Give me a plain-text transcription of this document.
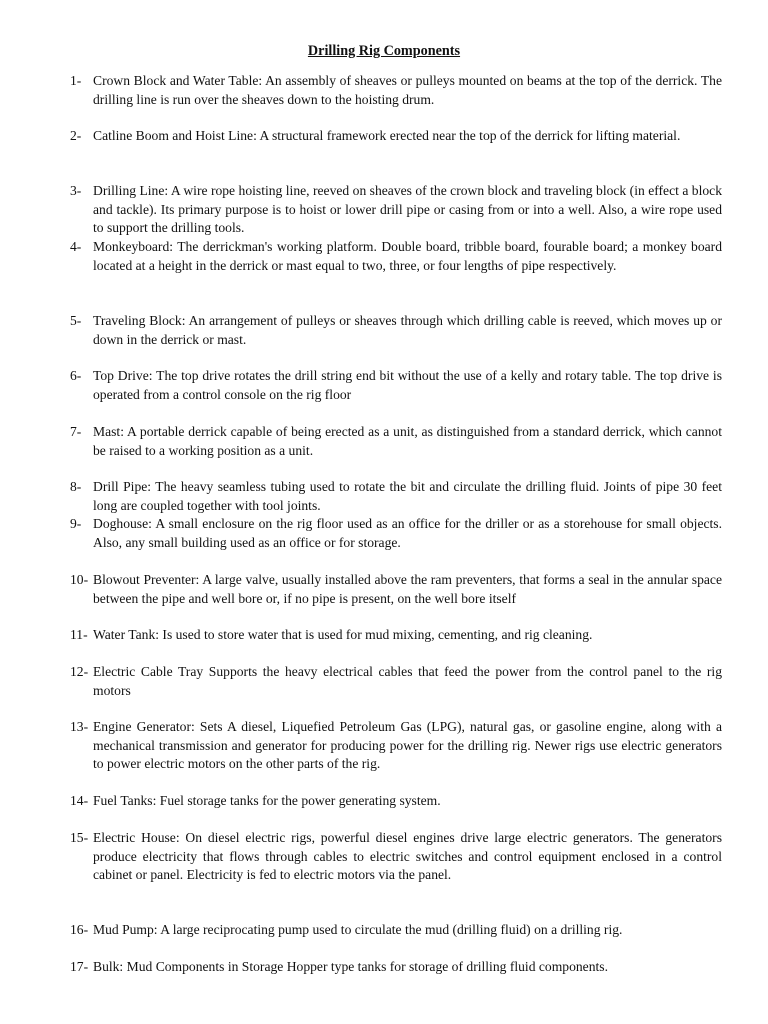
Drilling Rig Components
1- Crown Block and Water Table: An assembly of sheaves or pulleys mounted on beams at the top of the derrick. The drilling line is run over the sheaves down to the hoisting drum.
2- Catline Boom and Hoist Line: A structural framework erected near the top of the derrick for lifting material.
3- Drilling Line: A wire rope hoisting line, reeved on sheaves of the crown block and traveling block (in effect a block and tackle). Its primary purpose is to hoist or lower drill pipe or casing from or into a well. Also, a wire rope used to support the drilling tools.
4- Monkeyboard: The derrickman's working platform. Double board, tribble board, fourable board; a monkey board located at a height in the derrick or mast equal to two, three, or four lengths of pipe respectively.
5- Traveling Block: An arrangement of pulleys or sheaves through which drilling cable is reeved, which moves up or down in the derrick or mast.
6- Top Drive: The top drive rotates the drill string end bit without the use of a kelly and rotary table. The top drive is operated from a control console on the rig floor
7- Mast: A portable derrick capable of being erected as a unit, as distinguished from a standard derrick, which cannot be raised to a working position as a unit.
8- Drill Pipe: The heavy seamless tubing used to rotate the bit and circulate the drilling fluid. Joints of pipe 30 feet long are coupled together with tool joints.
9- Doghouse: A small enclosure on the rig floor used as an office for the driller or as a storehouse for small objects. Also, any small building used as an office or for storage.
10- Blowout Preventer: A large valve, usually installed above the ram preventers, that forms a seal in the annular space between the pipe and well bore or, if no pipe is present, on the well bore itself
11- Water Tank: Is used to store water that is used for mud mixing, cementing, and rig cleaning.
12- Electric Cable Tray Supports the heavy electrical cables that feed the power from the control panel to the rig motors
13- Engine Generator: Sets A diesel, Liquefied Petroleum Gas (LPG), natural gas, or gasoline engine, along with a mechanical transmission and generator for producing power for the drilling rig. Newer rigs use electric generators to power electric motors on the other parts of the rig.
14- Fuel Tanks: Fuel storage tanks for the power generating system.
15- Electric House: On diesel electric rigs, powerful diesel engines drive large electric generators. The generators produce electricity that flows through cables to electric switches and control equipment enclosed in a control cabinet or panel. Electricity is fed to electric motors via the panel.
16- Mud Pump: A large reciprocating pump used to circulate the mud (drilling fluid) on a drilling rig.
17- Bulk: Mud Components in Storage Hopper type tanks for storage of drilling fluid components.
